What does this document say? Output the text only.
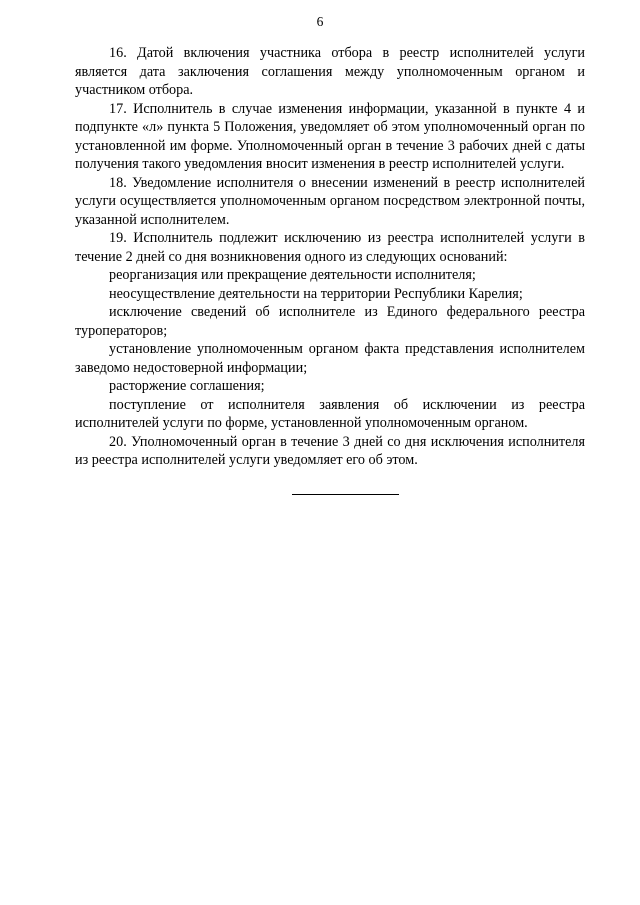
6

16. Датой включения участника отбора в реестр исполнителей услуги является дата заключения соглашения между уполномоченным органом и участником отбора.

17. Исполнитель в случае изменения информации, указанной в пункте 4 и подпункте «л» пункта 5 Положения, уведомляет об этом уполномоченный орган по установленной им форме. Уполномоченный орган в течение 3 рабочих дней с даты получения такого уведомления вносит изменения в реестр исполнителей услуги.

18. Уведомление исполнителя о внесении изменений в реестр исполнителей услуги осуществляется уполномоченным органом посредством электронной почты, указанной исполнителем.

19. Исполнитель подлежит исключению из реестра исполнителей услуги в течение 2 дней со дня возникновения одного из следующих оснований:

реорганизация или прекращение деятельности исполнителя;

неосуществление деятельности на территории Республики Карелия;

исключение сведений об исполнителе из Единого федерального реестра туроператоров;

установление уполномоченным органом факта представления исполнителем заведомо недостоверной информации;

расторжение соглашения;

поступление от исполнителя заявления об исключении из реестра исполнителей услуги по форме, установленной уполномоченным органом.

20. Уполномоченный орган в течение 3 дней со дня исключения исполнителя из реестра исполнителей услуги уведомляет его об этом.
